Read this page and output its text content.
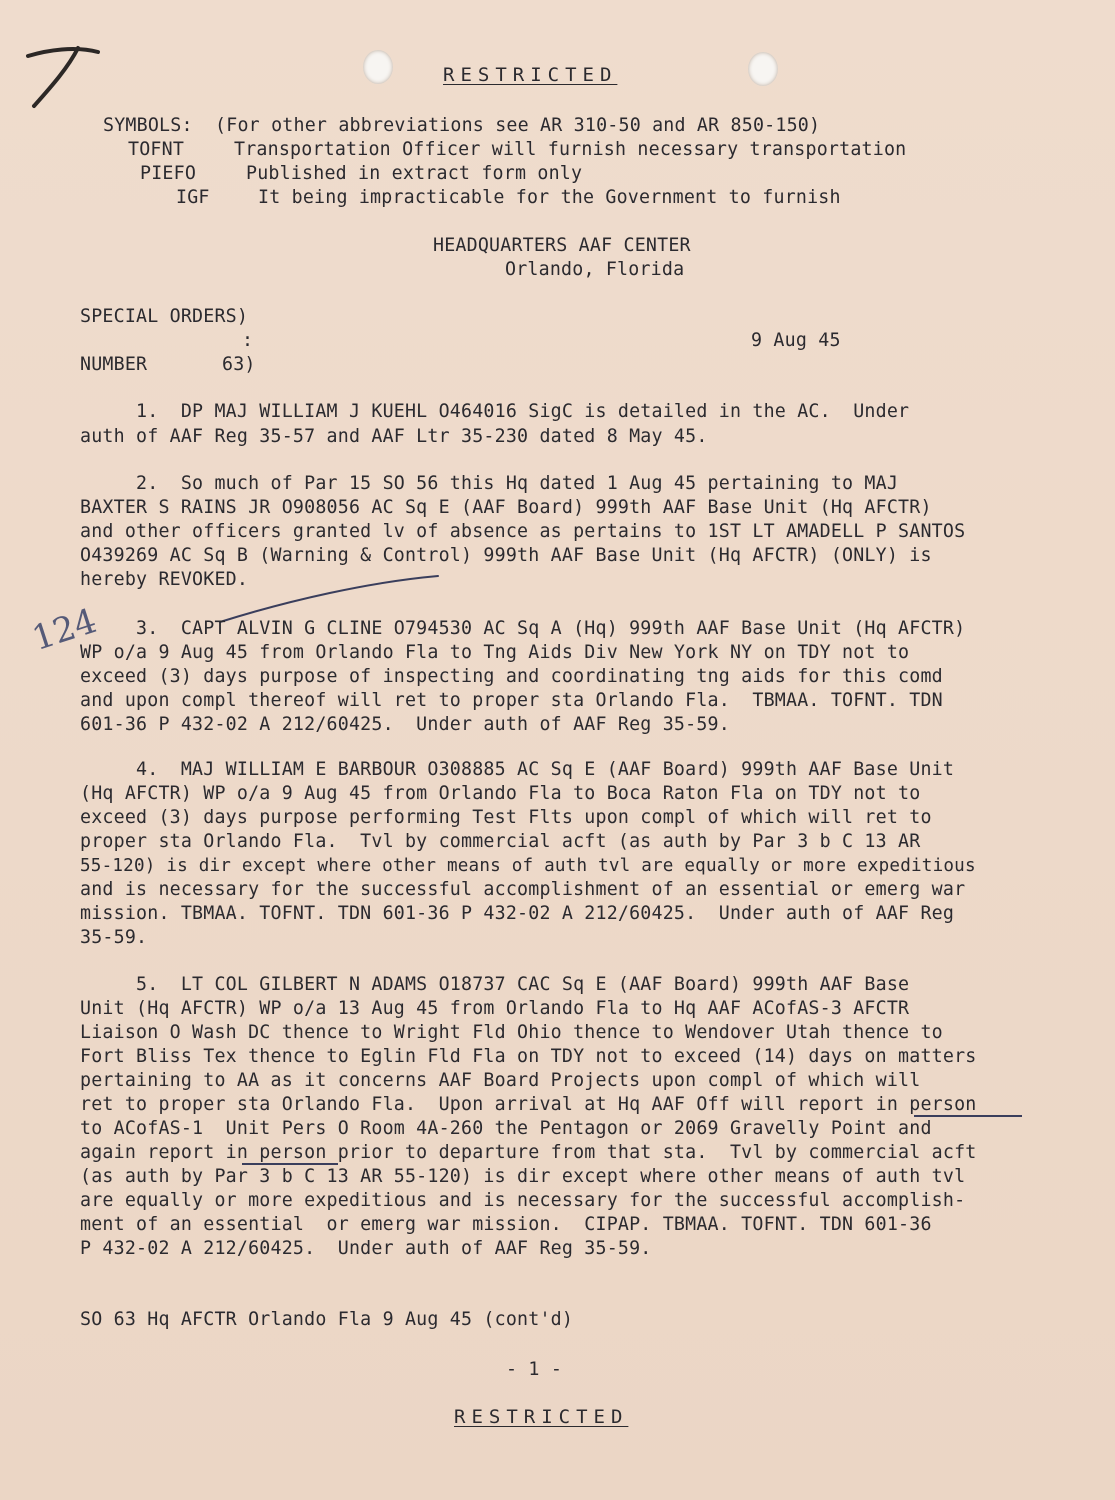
RESTRICTED
SYMBOLS:  (For other abbreviations see AR 310-50 and AR 850-150)
TOFNT	Transportation Officer will furnish necessary transportation
PIEFO	Published in extract form only
IGF	It being impracticable for the Government to furnish
HEADQUARTERS AAF CENTER
Orlando, Florida
SPECIAL ORDERS)
:	9 Aug 45
NUMBER	63)
1.  DP MAJ WILLIAM J KUEHL O464016 SigC is detailed in the AC.  Under
auth of AAF Reg 35-57 and AAF Ltr 35-230 dated 8 May 45.
2.  So much of Par 15 SO 56 this Hq dated 1 Aug 45 pertaining to MAJ
BAXTER S RAINS JR O908056 AC Sq E (AAF Board) 999th AAF Base Unit (Hq AFCTR)
and other officers granted lv of absence as pertains to 1ST LT AMADELL P SANTOS
O439269 AC Sq B (Warning & Control) 999th AAF Base Unit (Hq AFCTR) (ONLY) is
hereby REVOKED.
124
3.  CAPT ALVIN G CLINE O794530 AC Sq A (Hq) 999th AAF Base Unit (Hq AFCTR)
WP o/a 9 Aug 45 from Orlando Fla to Tng Aids Div New York NY on TDY not to
exceed (3) days purpose of inspecting and coordinating tng aids for this comd
and upon compl thereof will ret to proper sta Orlando Fla.  TBMAA. TOFNT. TDN
601-36 P 432-02 A 212/60425.  Under auth of AAF Reg 35-59.
4.  MAJ WILLIAM E BARBOUR O308885 AC Sq E (AAF Board) 999th AAF Base Unit
(Hq AFCTR) WP o/a 9 Aug 45 from Orlando Fla to Boca Raton Fla on TDY not to
exceed (3) days purpose performing Test Flts upon compl of which will ret to
proper sta Orlando Fla.  Tvl by commercial acft (as auth by Par 3 b C 13 AR
55-120) is dir except where other means of auth tvl are equally or more expeditious
and is necessary for the successful accomplishment of an essential or emerg war
mission. TBMAA. TOFNT. TDN 601-36 P 432-02 A 212/60425.  Under auth of AAF Reg
35-59.
5.  LT COL GILBERT N ADAMS O18737 CAC Sq E (AAF Board) 999th AAF Base
Unit (Hq AFCTR) WP o/a 13 Aug 45 from Orlando Fla to Hq AAF ACofAS-3 AFCTR
Liaison O Wash DC thence to Wright Fld Ohio thence to Wendover Utah thence to
Fort Bliss Tex thence to Eglin Fld Fla on TDY not to exceed (14) days on matters
pertaining to AA as it concerns AAF Board Projects upon compl of which will
ret to proper sta Orlando Fla.  Upon arrival at Hq AAF Off will report in person
to ACofAS-1  Unit Pers O Room 4A-260 the Pentagon or 2069 Gravelly Point and
again report in person prior to departure from that sta.  Tvl by commercial acft
(as auth by Par 3 b C 13 AR 55-120) is dir except where other means of auth tvl
are equally or more expeditious and is necessary for the successful accomplish-
ment of an essential  or emerg war mission.  CIPAP. TBMAA. TOFNT. TDN 601-36
P 432-02 A 212/60425.  Under auth of AAF Reg 35-59.
SO 63 Hq AFCTR Orlando Fla 9 Aug 45 (cont'd)
- 1 -
RESTRICTED
